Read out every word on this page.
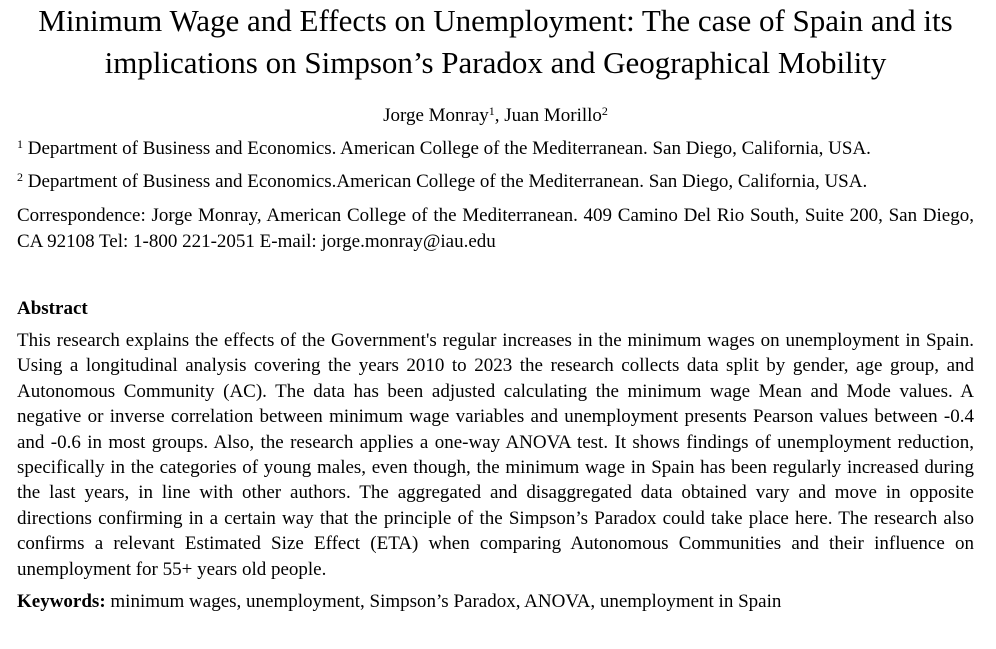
Minimum Wage and Effects on Unemployment: The case of Spain and its implications on Simpson’s Paradox and Geographical Mobility
Jorge Monray$^1$, Juan Morillo$^2$
$^1$ Department of Business and Economics. American College of the Mediterranean. San Diego, California, USA.
$^2$ Department of Business and Economics.American College of the Mediterranean. San Diego, California, USA.
Correspondence: Jorge Monray, American College of the Mediterranean. 409 Camino Del Rio South, Suite 200, San Diego, CA 92108 Tel: 1-800 221-2051 E-mail: jorge.monray@iau.edu
Abstract
This research explains the effects of the Government's regular increases in the minimum wages on unemployment in Spain. Using a longitudinal analysis covering the years 2010 to 2023 the research collects data split by gender, age group, and Autonomous Community (AC). The data has been adjusted calculating the minimum wage Mean and Mode values. A negative or inverse correlation between minimum wage variables and unemployment presents Pearson values between -0.4 and -0.6 in most groups. Also, the research applies a one-way ANOVA test. It shows findings of unemployment reduction, specifically in the categories of young males, even though, the minimum wage in Spain has been regularly increased during the last years, in line with other authors. The aggregated and disaggregated data obtained vary and move in opposite directions confirming in a certain way that the principle of the Simpson’s Paradox could take place here. The research also confirms a relevant Estimated Size Effect (ETA) when comparing Autonomous Communities and their influence on unemployment for 55+ years old people.
Keywords: minimum wages, unemployment, Simpson’s Paradox, ANOVA, unemployment in Spain
